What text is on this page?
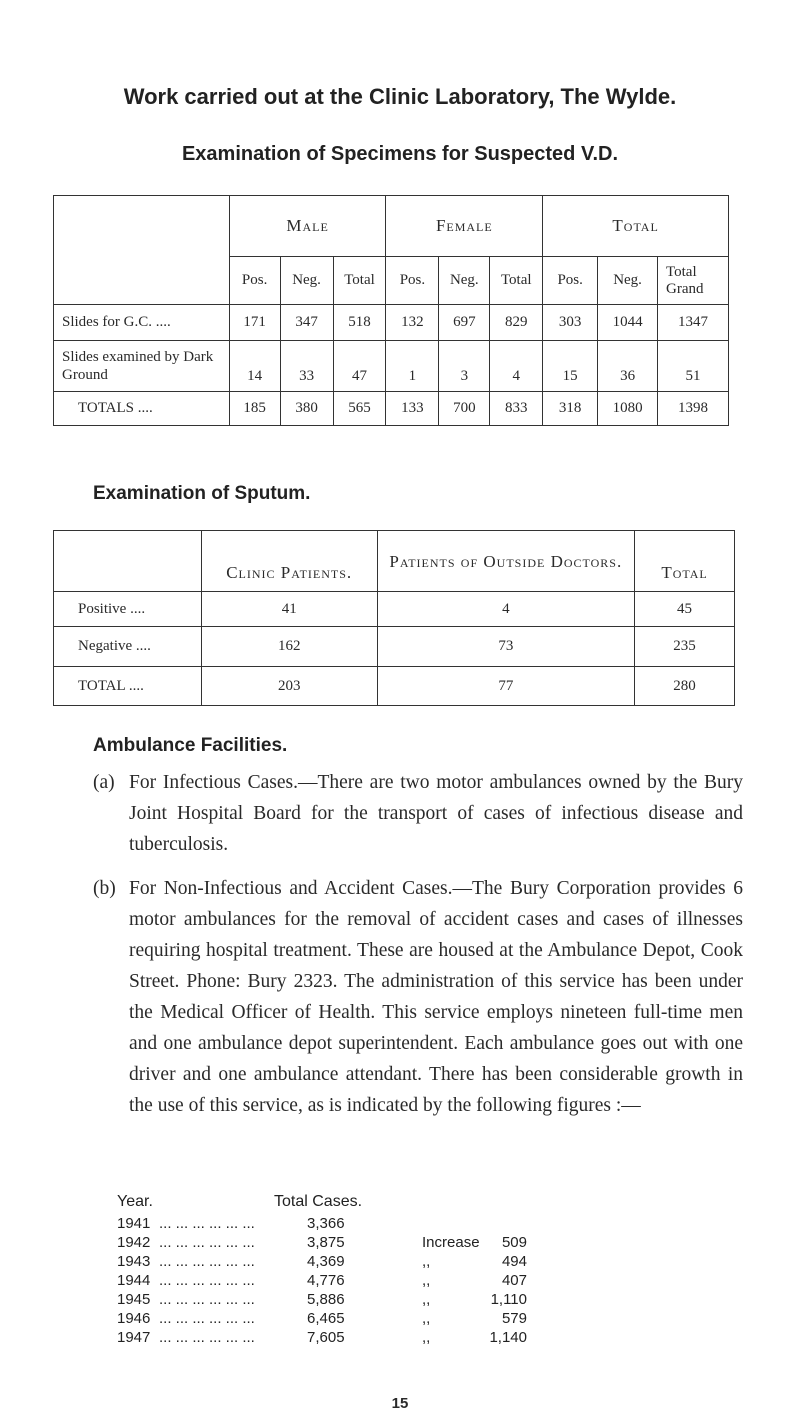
Work carried out at the Clinic Laboratory, The Wylde.
Examination of Specimens for Suspected V.D.
	Male			Female			Total		
	Pos.	Neg.	Total	Pos.	Neg.	Total	Pos.	Neg.	Total Grand
Slides for G.C. ....	171	347	518	132	697	829	303	1044	1347
Slides examined by Dark Ground	14	33	47	1	3	4	15	36	51
TOTALS ....	185	380	565	133	700	833	318	1080	1398
Examination of Sputum.
	Clinic Patients.	Patients of Outside Doctors.	Total
Positive ....	41	4	45
Negative ....	162	73	235
TOTAL ....	203	77	280
Ambulance Facilities.
(a) For Infectious Cases.—There are two motor ambulances owned by the Bury Joint Hospital Board for the transport of cases of infectious disease and tuberculosis.
(b) For Non-Infectious and Accident Cases.—The Bury Corporation provides 6 motor ambulances for the removal of accident cases and cases of illnesses requiring hospital treatment. These are housed at the Ambulance Depot, Cook Street. Phone: Bury 2323. The administration of this service has been under the Medical Officer of Health. This service employs nineteen full-time men and one ambulance depot superintendent. Each ambulance goes out with one driver and one ambulance attendant. There has been considerable growth in the use of this service, as is indicated by the following figures :—
Year.	Total Cases.
1941 ... ... ... ... ... ...	3,366
1942 ... ... ... ... ... ...	3,875	Increase	509
1943 ... ... ... ... ... ...	4,369	,,	494
1944 ... ... ... ... ... ...	4,776	,,	407
1945 ... ... ... ... ... ...	5,886	,,	1,110
1946 ... ... ... ... ... ...	6,465	,,	579
1947 ... ... ... ... ... ...	7,605	,,	1,140
15
